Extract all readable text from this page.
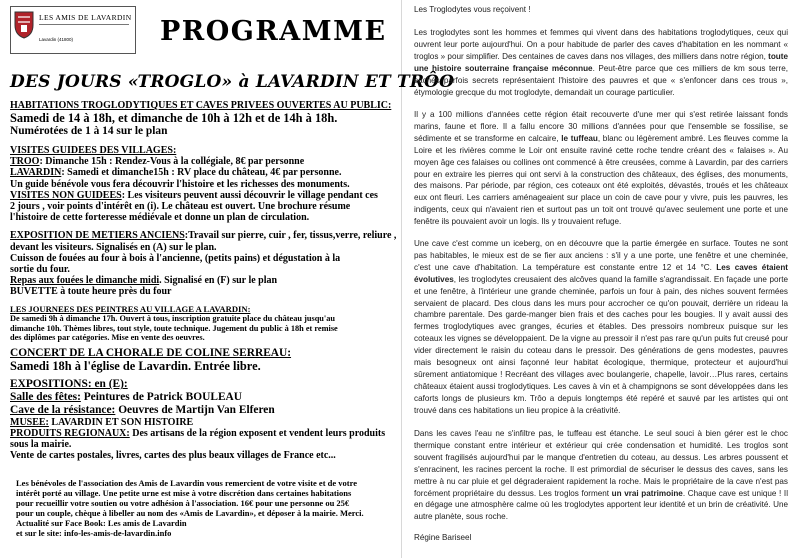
LES AMIS DE LAVARDIN
Lavardin (41800)	PROGRAMME
DES JOURS «TROGLO» à LAVARDIN ET TRÔO

HABITATIONS TROGLODYTIQUES ET CAVES PRIVEES OUVERTES AU PUBLIC:

Samedi de 14 à 18h, et dimanche de 10h à 12h et de 14h à 18h.

Numérotées de 1 à 14 sur le plan

VISITES GUIDEES DES VILLAGES:

TROO: Dimanche 15h : Rendez-Vous à la collégiale, 8€ par personne

LAVARDIN: Samedi et dimanche15h : RV place du château, 4€ par personne.

Un guide bénévole vous fera découvrir l'histoire et les richesses des monuments.

VISITES NON GUIDEES: Les visiteurs peuvent aussi découvrir le village pendant ces

2 jours , voir points d'intérêt en (i). Le château est ouvert. Une brochure résume

l'histoire de cette forteresse médiévale et donne un plan de circulation.

EXPOSITION DE METIERS ANCIENS:Travail sur pierre, cuir , fer, tissus,verre, reliure ,

devant les visiteurs. Signalisés en (A) sur le plan.

Cuisson de fouées au four à bois à l'ancienne, (petits pains) et dégustation à la

sortie du four.

Repas aux fouées le dimanche midi. Signalisé en (F) sur le plan

BUVETTE à toute heure près du four

LES JOURNEES DES PEINTRES AU VILLAGE A LAVARDIN:

De samedi 9h à dimanche 17h. Ouvert à tous, inscription gratuite place du château jusqu'au

dimanche 10h. Thèmes libres, tout style, toute technique. Jugement du public à 18h et remise

des diplômes par catégories. Mise en vente des oeuvres.

CONCERT DE LA CHORALE DE COLINE SERREAU:

Samedi 18h à l'église de Lavardin. Entrée libre.

EXPOSITIONS: en (E):

Salle des fêtes: Peintures de Patrick BOULEAU

Cave de la résistance: Oeuvres de Martijn Van Elferen

MUSEE: LAVARDIN ET SON HISTOIRE

PRODUITS REGIONAUX: Des artisans de la région exposent et vendent leurs produits

sous la mairie.

Vente de cartes postales, livres, cartes des plus beaux villages de France etc...

Les bénévoles de l'association des Amis de Lavardin vous remercient de votre visite et de votre

intérêt porté au village. Une petite urne est mise à votre discrétion dans certaines habitations

pour recueillir votre soutien ou votre adhésion à l'association. 16€ pour une personne ou 25€

pour un couple, chèque à libeller au nom des «Amis de Lavardin», et déposer à la mairie. Merci.

Actualité sur Face Book: Les amis de Lavardin

et sur le site: info-les-amis-de-lavardin.info

Les Troglodytes vous reçoivent !

Les troglodytes sont les hommes et femmes qui vivent dans des habitations troglodytiques, ceux qui ouvrent leur porte aujourd'hui. On a pour habitude de parler des caves d'habitation en les nommant « troglos » pour simplifier. Des centaines de caves dans nos villages, des milliers dans notre région, toute une histoire souterraine française méconnue. Peut-être parce que ces milliers de km sous terre, cachés parfois secrets représentaient l'histoire des pauvres et que « s'enfoncer dans ces trous », étymologie grecque du mot troglodyte, demandait un courage particulier.

Il y a 100 millions d'années cette région était recouverte d'une mer qui s'est retirée laissant fonds marins, faune et flore. Il a fallu encore 30 millions d'années pour que l'ensemble se fossilise, se sédimente et se transforme en calcaire, le tuffeau, blanc ou légèrement ambré. Les fleuves comme la Loire et les rivières comme le Loir ont ensuite raviné cette roche tendre créant des « falaises ». Au moyen âge ces falaises ou collines ont commencé à être creusées, comme à Lavardin, par des carriers pour en extraire les pierres qui ont servi à la construction des châteaux, des églises, des monuments, des maisons. Par période, par région, ces coteaux ont été exploités, dévastés, troués et les châteaux eux ont fleuri. Les carriers aménageaient sur place un coin de cave pour y vivre, puis les pauvres, les indigents, ceux qui n'avaient rien et surtout pas un toit ont trouvé qu'avec seulement une porte et une fenêtre ils pouvaient avoir un logis. Ils y trouvaient refuge.

Une cave c'est comme un iceberg, on en découvre que la partie émergée en surface. Toutes ne sont pas habitables, le mieux est de se fier aux anciens : s'il y a une porte, une fenêtre et une cheminée, c'est une cave d'habitation. La température est constante entre 12 et 14 °C. Les caves étaient évolutives, les troglodytes creusaient des alcôves quand la famille s'agrandissait. En façade une porte et une fenêtre, à l'intérieur une grande cheminée, parfois un four à pain, des niches souvent fermées servaient de placard. Des clous dans les murs pour accrocher ce qu'on pouvait, derrière un rideau la chambre parentale. Des garde-manger bien frais et des caches pour les bougies. Il y avait aussi des fermes troglodytiques avec granges, écuries et étables. Des pressoirs nombreux puisque sur les coteaux les vignes se développaient. De la vigne au pressoir il n'est pas rare qu'un puits fut creusé pour vider directement le raisin du coteau dans le pressoir. Des générations de gens modestes, pauvres mais besogneux ont ainsi façonné leur habitat écologique, thermique, protecteur et aujourd'hui sûrement antiatomique ! Recréant des villages avec boulangerie, chapelle, lavoir…Plus rares, certains châteaux étaient aussi troglodytiques. Les caves à vin et à champignons se sont développées dans les caforts longs de plusieurs km. Trôo a depuis longtemps été repéré et sauvé par les artistes qui ont trouvé dans ces habitations un lieu propice à la créativité.

Dans les caves l'eau ne s'infiltre pas, le tuffeau est étanche. Le seul souci à bien gérer est le choc thermique constant entre intérieur et extérieur qui crée condensation et humidité. Les troglos sont souvent fragilisés aujourd'hui par le manque d'entretien du coteau, au dessus. Les arbres poussent et s'enracinent, les racines percent la roche. Il est primordial de sécuriser le dessus des caves, sans les mettre à nu car pluie et gel dégraderaient rapidement la roche. Mais le propriétaire de la cave n'est pas forcément propriétaire du dessus. Les troglos forment un vrai patrimoine. Chaque cave est unique ! Il en dégage une atmosphère calme où les troglodytes apportent leur identité et un brin de créativité. Une autre planète, sous roche.

Régine Bariseel
